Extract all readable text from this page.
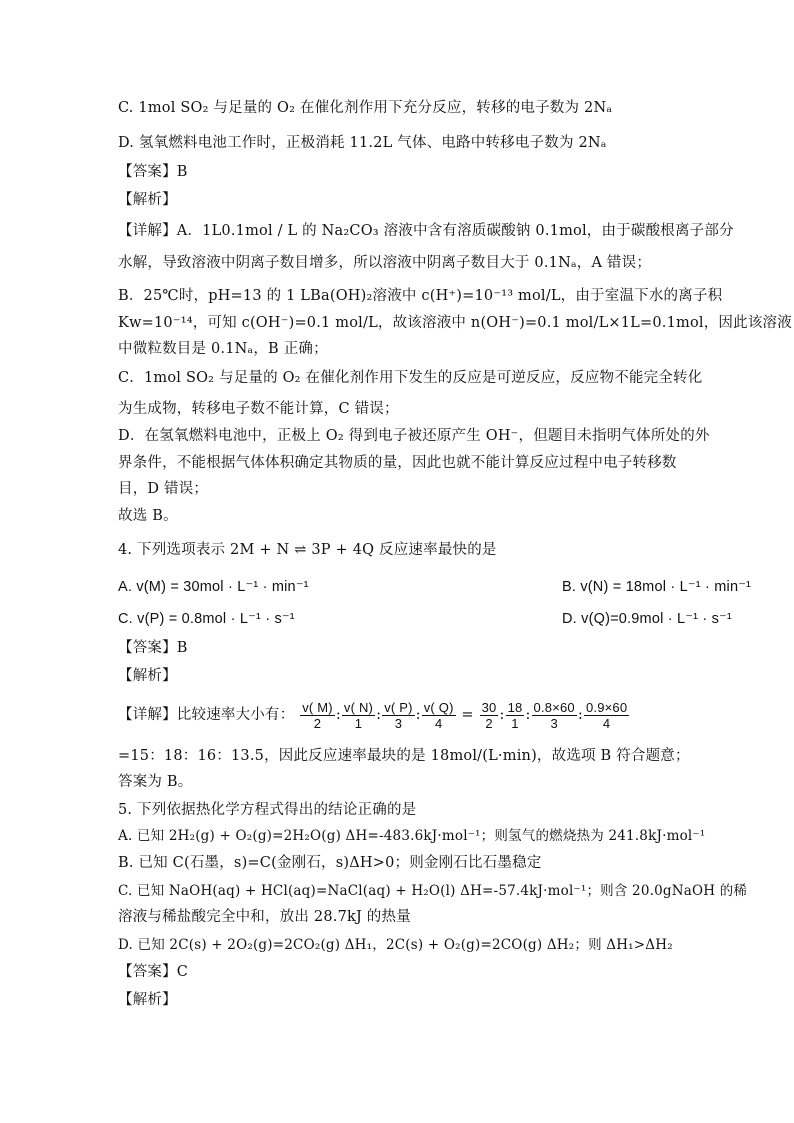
C. 1mol SO₂ 与足量的 O₂ 在催化剂作用下充分反应，转移的电子数为 2Nₐ
D. 氢氧燃料电池工作时，正极消耗 11.2L 气体、电路中转移电子数为 2Nₐ
【答案】B
【解析】
【详解】A．1L0.1mol / L 的 Na₂CO₃ 溶液中含有溶质碳酸钠 0.1mol，由于碳酸根离子部分
水解，导致溶液中阴离子数目增多，所以溶液中阴离子数目大于 0.1Nₐ，A 错误；
B．25℃时，pH=13 的 1 LBa(OH)₂溶液中 c(H⁺)=10⁻¹³ mol/L，由于室温下水的离子积
Kw=10⁻¹⁴，可知 c(OH⁻)=0.1 mol/L，故该溶液中 n(OH⁻)=0.1 mol/L×1L=0.1mol，因此该溶液
中微粒数目是 0.1Nₐ，B 正确；
C．1mol SO₂ 与足量的 O₂ 在催化剂作用下发生的反应是可逆反应，反应物不能完全转化
为生成物，转移电子数不能计算，C 错误；
D．在氢氧燃料电池中，正极上 O₂ 得到电子被还原产生 OH⁻，但题目未指明气体所处的外
界条件，不能根据气体体积确定其物质的量，因此也就不能计算反应过程中电子转移数
目，D 错误；
故选 B。
4. 下列选项表示 2M + N ⇌ 3P + 4Q 反应速率最快的是
A. v(M) = 30mol · L⁻¹ · min⁻¹	B. v(N) = 18mol · L⁻¹ · min⁻¹
C. v(P) = 0.8mol · L⁻¹ · s⁻¹	D. v(Q)=0.9mol · L⁻¹ · s⁻¹
【答案】B
【解析】
【详解】比较速率大小有： $\frac{v( M)}{2}$ : $\frac{v( N)}{1}$ : $\frac{v( P)}{3}$ : $\frac{v( Q)}{4} = \frac{30}{2}$ : $\frac{18}{1}$ : $\frac{0.8\times 60}{3}$ : $\frac{0.9\times 60}{4}$
=15：18：16：13.5，因此反应速率最块的是 18mol/(L·min)，故选项 B 符合题意；
答案为 B。
5. 下列依据热化学方程式得出的结论正确的是
A. 已知 2H₂(g) + O₂(g)=2H₂O(g) ΔH=-483.6kJ·mol⁻¹；则氢气的燃烧热为 241.8kJ·mol⁻¹
B. 已知 C(石墨，s)=C(金刚石，s)ΔH>0；则金刚石比石墨稳定
C. 已知 NaOH(aq) + HCl(aq)=NaCl(aq) + H₂O(l) ΔH=-57.4kJ·mol⁻¹；则含 20.0gNaOH 的稀
溶液与稀盐酸完全中和，放出 28.7kJ 的热量
D. 已知 2C(s) + 2O₂(g)=2CO₂(g) ΔH₁，2C(s) + O₂(g)=2CO(g) ΔH₂；则 ΔH₁>ΔH₂
【答案】C
【解析】
